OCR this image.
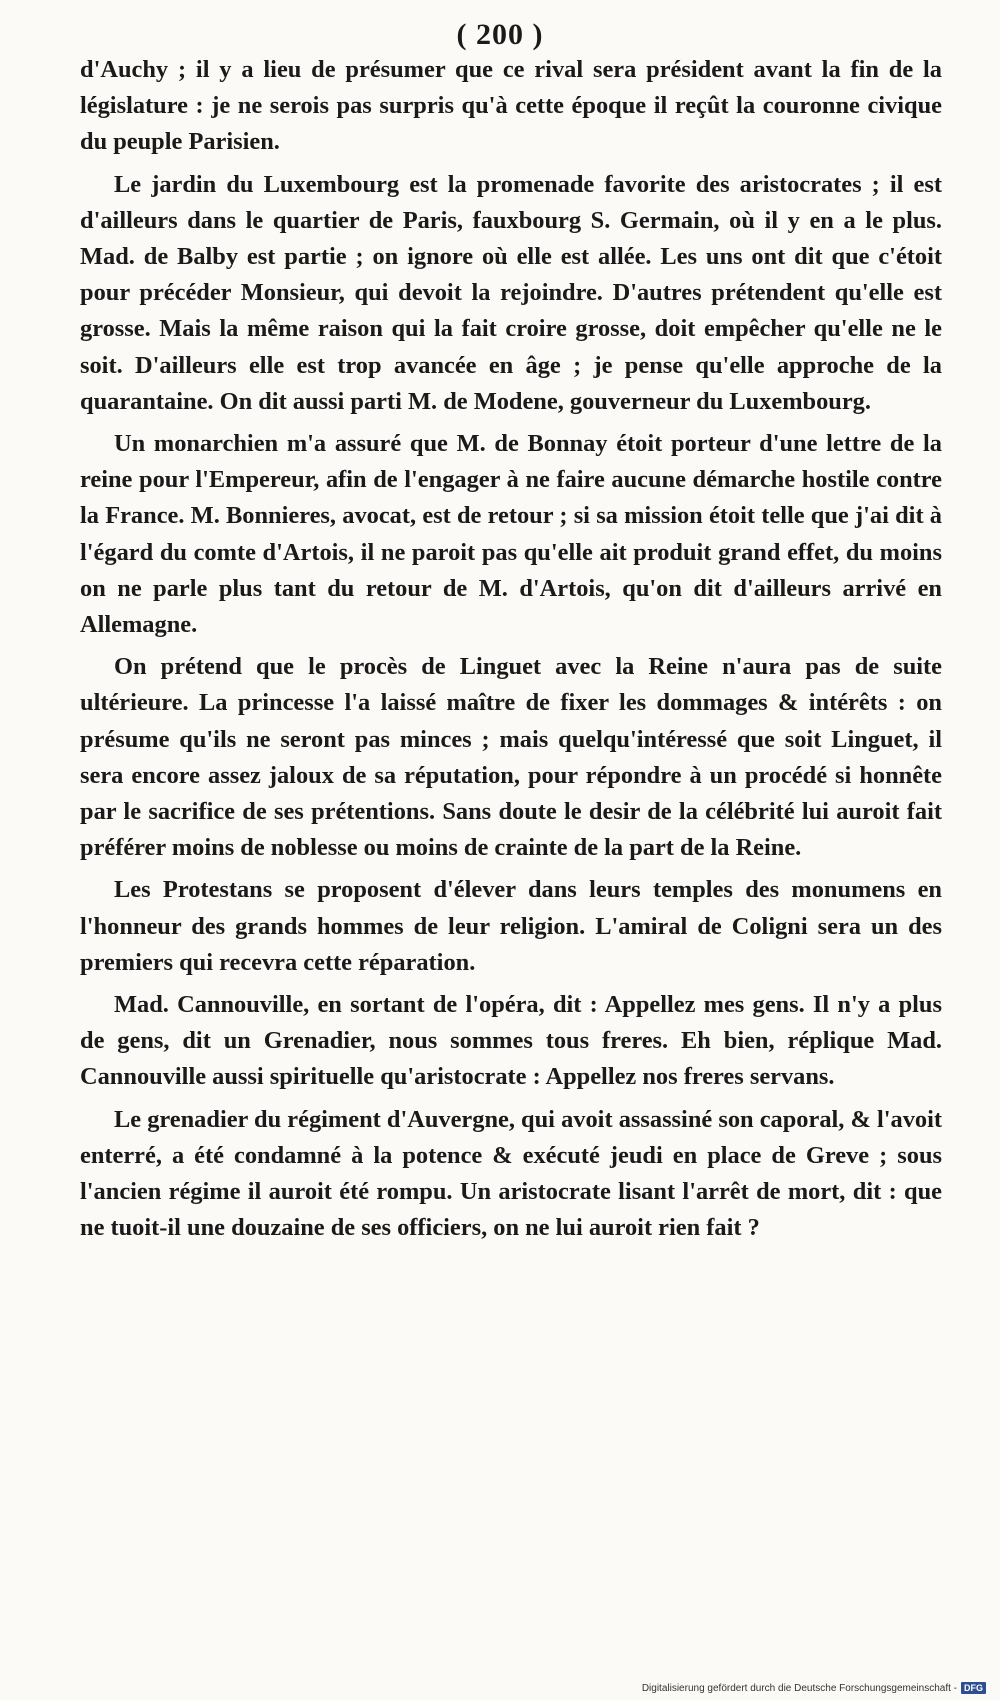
( 200 )

d'Auchy ; il y a lieu de présumer que ce rival sera président avant la fin de la législature : je ne serois pas surpris qu'à cette époque il reçût la couronne civique du peuple Parisien.

Le jardin du Luxembourg est la promenade favorite des aristocrates ; il est d'ailleurs dans le quartier de Paris, fauxbourg S. Germain, où il y en a le plus. Mad. de Balby est partie ; on ignore où elle est allée. Les uns ont dit que c'étoit pour précéder Monsieur, qui devoit la rejoindre. D'autres prétendent qu'elle est grosse. Mais la même raison qui la fait croire grosse, doit empêcher qu'elle ne le soit. D'ailleurs elle est trop avancée en âge ; je pense qu'elle approche de la quarantaine. On dit aussi parti M. de Modene, gouverneur du Luxembourg.

Un monarchien m'a assuré que M. de Bonnay étoit porteur d'une lettre de la reine pour l'Empereur, afin de l'engager à ne faire aucune démarche hostile contre la France. M. Bonnieres, avocat, est de retour ; si sa mission étoit telle que j'ai dit à l'égard du comte d'Artois, il ne paroit pas qu'elle ait produit grand effet, du moins on ne parle plus tant du retour de M. d'Artois, qu'on dit d'ailleurs arrivé en Allemagne.

On prétend que le procès de Linguet avec la Reine n'aura pas de suite ultérieure. La princesse l'a laissé maître de fixer les dommages & intérêts : on présume qu'ils ne seront pas minces ; mais quelqu'intéressé que soit Linguet, il sera encore assez jaloux de sa réputation, pour répondre à un procédé si honnête par le sacrifice de ses prétentions. Sans doute le desir de la célébrité lui auroit fait préférer moins de noblesse ou moins de crainte de la part de la Reine.

Les Protestans se proposent d'élever dans leurs temples des monumens en l'honneur des grands hommes de leur religion. L'amiral de Coligni sera un des premiers qui recevra cette réparation.

Mad. Cannouville, en sortant de l'opéra, dit : Appellez mes gens. Il n'y a plus de gens, dit un Grenadier, nous sommes tous freres. Eh bien, réplique Mad. Cannouville aussi spirituelle qu'aristocrate : Appellez nos freres servans.

Le grenadier du régiment d'Auvergne, qui avoit assassiné son caporal, & l'avoit enterré, a été condamné à la potence & exécuté jeudi en place de Greve ; sous l'ancien régime il auroit été rompu. Un aristocrate lisant l'arrêt de mort, dit : que ne tuoit-il une douzaine de ses officiers, on ne lui auroit rien fait ?

Digitalisierung gefördert durch die Deutsche Forschungsgemeinschaft - DFG
